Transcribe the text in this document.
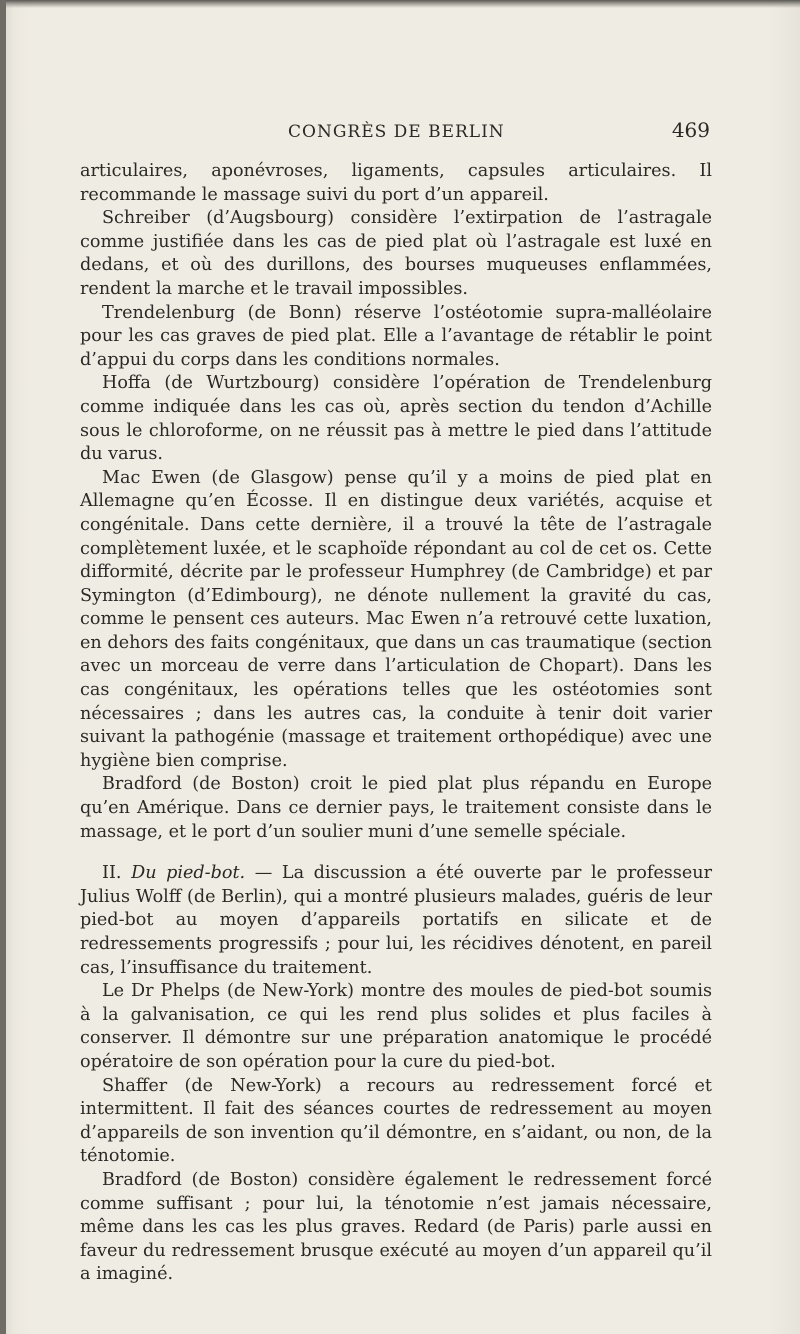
CONGRÈS DE BERLIN	469

articulaires, aponévroses, ligaments, capsules articulaires. Il recommande le massage suivi du port d’un appareil.

Schreiber (d’Augsbourg) considère l’extirpation de l’astragale comme justifiée dans les cas de pied plat où l’astragale est luxé en dedans, et où des durillons, des bourses muqueuses enflammées, rendent la marche et le travail impossibles.

Trendelenburg (de Bonn) réserve l’ostéotomie supra-malléolaire pour les cas graves de pied plat. Elle a l’avantage de rétablir le point d’appui du corps dans les conditions normales.

Hoffa (de Wurtzbourg) considère l’opération de Trendelenburg comme indiquée dans les cas où, après section du tendon d’Achille sous le chloroforme, on ne réussit pas à mettre le pied dans l’attitude du varus.

Mac Ewen (de Glasgow) pense qu’il y a moins de pied plat en Allemagne qu’en Écosse. Il en distingue deux variétés, acquise et congénitale. Dans cette dernière, il a trouvé la tête de l’astragale complètement luxée, et le scaphoïde répondant au col de cet os. Cette difformité, décrite par le professeur Humphrey (de Cambridge) et par Symington (d’Edimbourg), ne dénote nullement la gravité du cas, comme le pensent ces auteurs. Mac Ewen n’a retrouvé cette luxation, en dehors des faits congénitaux, que dans un cas traumatique (section avec un morceau de verre dans l’articulation de Chopart). Dans les cas congénitaux, les opérations telles que les ostéotomies sont nécessaires ; dans les autres cas, la conduite à tenir doit varier suivant la pathogénie (massage et traitement orthopédique) avec une hygiène bien comprise.

Bradford (de Boston) croit le pied plat plus répandu en Europe qu’en Amérique. Dans ce dernier pays, le traitement consiste dans le massage, et le port d’un soulier muni d’une semelle spéciale.

II. Du pied-bot. — La discussion a été ouverte par le professeur Julius Wolff (de Berlin), qui a montré plusieurs malades, guéris de leur pied-bot au moyen d’appareils portatifs en silicate et de redressements progressifs ; pour lui, les récidives dénotent, en pareil cas, l’insuffisance du traitement.

Le Dr Phelps (de New-York) montre des moules de pied-bot soumis à la galvanisation, ce qui les rend plus solides et plus faciles à conserver. Il démontre sur une préparation anatomique le procédé opératoire de son opération pour la cure du pied-bot.

Shaffer (de New-York) a recours au redressement forcé et intermittent. Il fait des séances courtes de redressement au moyen d’appareils de son invention qu’il démontre, en s’aidant, ou non, de la ténotomie.

Bradford (de Boston) considère également le redressement forcé comme suffisant ; pour lui, la ténotomie n’est jamais nécessaire, même dans les cas les plus graves. Redard (de Paris) parle aussi en faveur du redressement brusque exécuté au moyen d’un appareil qu’il a imaginé.
